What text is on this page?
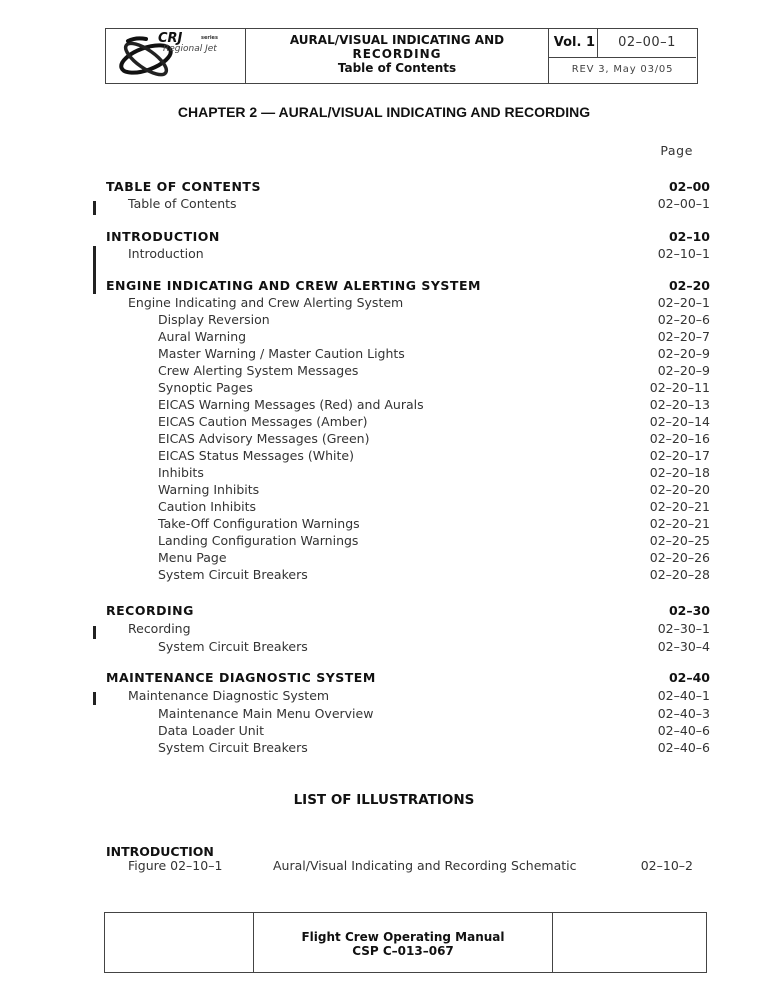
CRJ	series
Regional Jet
AURAL/VISUAL INDICATING AND
RECORDING
Table of Contents
Vol. 1	02–00–1
REV 3, May 03/05
CHAPTER 2 — AURAL/VISUAL INDICATING AND RECORDING
Page
TABLE OF CONTENTS	02–00
Table of Contents	02–00–1
INTRODUCTION	02–10
Introduction	02–10–1
ENGINE INDICATING AND CREW ALERTING SYSTEM	02–20
Engine Indicating and Crew Alerting System	02–20–1
Display Reversion	02–20–6
Aural Warning	02–20–7
Master Warning / Master Caution Lights	02–20–9
Crew Alerting System Messages	02–20–9
Synoptic Pages	02–20–11
EICAS Warning Messages (Red) and Aurals	02–20–13
EICAS Caution Messages (Amber)	02–20–14
EICAS Advisory Messages (Green)	02–20–16
EICAS Status Messages (White)	02–20–17
Inhibits	02–20–18
Warning Inhibits	02–20–20
Caution Inhibits	02–20–21
Take-Off Configuration Warnings	02–20–21
Landing Configuration Warnings	02–20–25
Menu Page	02–20–26
System Circuit Breakers	02–20–28
RECORDING	02–30
Recording	02–30–1
System Circuit Breakers	02–30–4
MAINTENANCE DIAGNOSTIC SYSTEM	02–40
Maintenance Diagnostic System	02–40–1
Maintenance Main Menu Overview	02–40–3
Data Loader Unit	02–40–6
System Circuit Breakers	02–40–6
LIST OF ILLUSTRATIONS
INTRODUCTION
Figure 02–10–1	Aural/Visual Indicating and Recording Schematic	02–10–2
Flight Crew Operating Manual
CSP C–013–067
